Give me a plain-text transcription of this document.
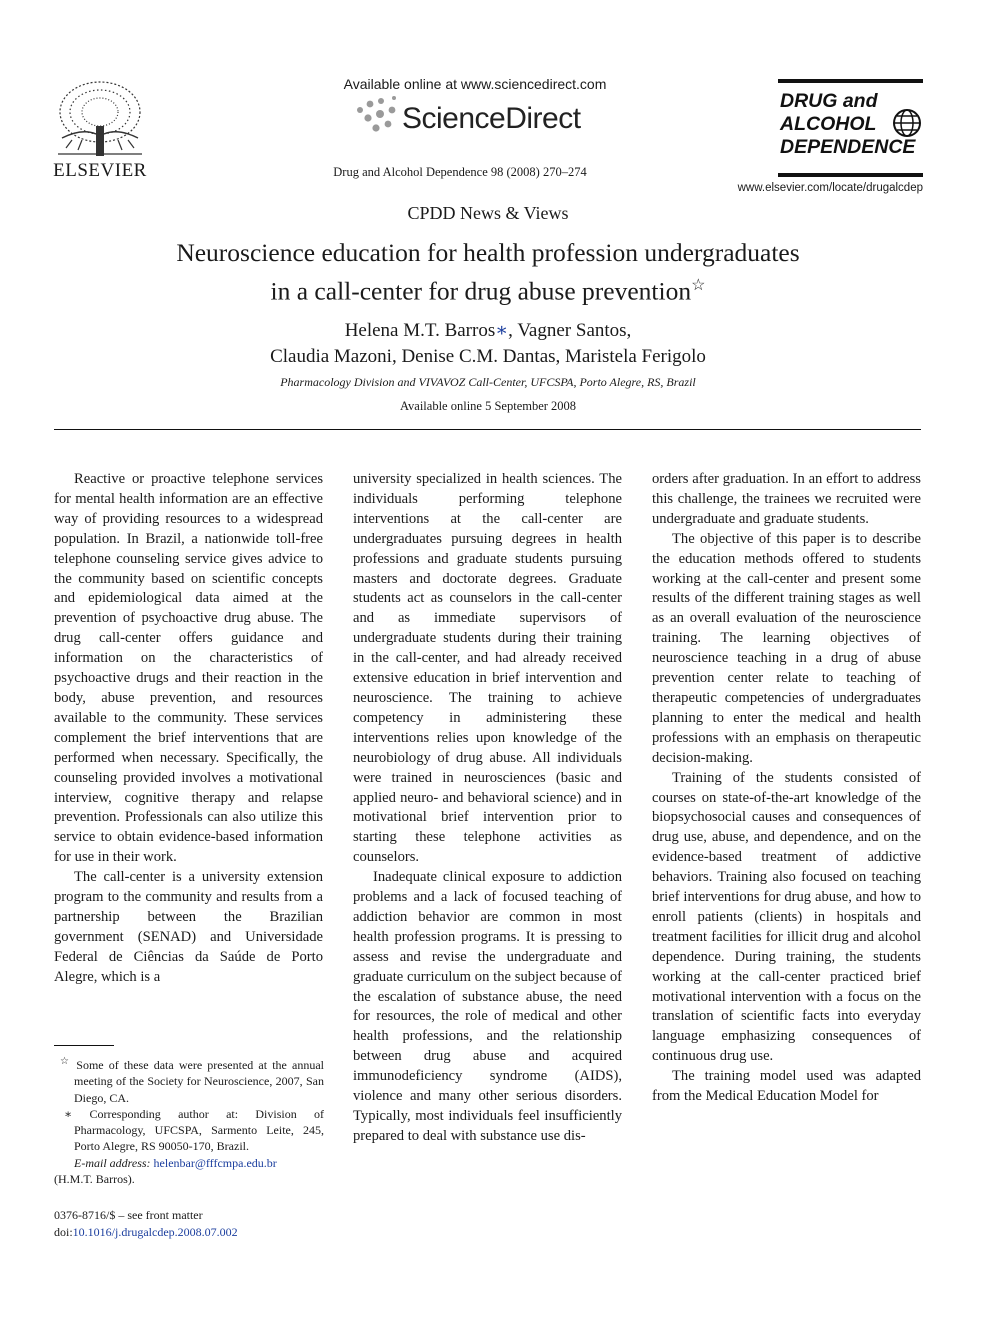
ELSEVIER
Available online at www.sciencedirect.com
ScienceDirect
Drug and Alcohol Dependence 98 (2008) 270–274
DRUG and
ALCOHOL
DEPENDENCE
www.elsevier.com/locate/drugalcdep
CPDD News & Views
Neuroscience education for health profession undergraduates
in a call-center for drug abuse prevention☆
Helena M.T. Barros∗, Vagner Santos,
Claudia Mazoni, Denise C.M. Dantas, Maristela Ferigolo
Pharmacology Division and VIVAVOZ Call-Center, UFCSPA, Porto Alegre, RS, Brazil
Available online 5 September 2008

Reactive or proactive telephone services for mental health information are an effective way of providing resources to a widespread population. In Brazil, a nationwide toll-free telephone counseling service gives advice to the community based on scientific concepts and epidemiological data aimed at the prevention of psychoactive drug abuse. The drug call-center offers guidance and information on the characteristics of psychoactive drugs and their reaction in the body, abuse prevention, and resources available to the community. These services complement the brief interventions that are performed when necessary. Specifically, the counseling provided involves a motivational interview, cognitive therapy and relapse prevention. Professionals can also utilize this service to obtain evidence-based information for use in their work.

The call-center is a university extension program to the community and results from a partnership between the Brazilian government (SENAD) and Universidade Federal de Ciências da Saúde de Porto Alegre, which is a

university specialized in health sciences. The individuals performing telephone interventions at the call-center are undergraduates pursuing degrees in health professions and graduate students pursuing masters and doctorate degrees. Graduate students act as counselors in the call-center and as immediate supervisors of undergraduate students during their training in the call-center, and had already received extensive education in brief intervention and neuroscience. The training to achieve competency in administering these interventions relies upon knowledge of the neurobiology of drug abuse. All individuals were trained in neurosciences (basic and applied neuro- and behavioral science) and in motivational brief intervention prior to starting these telephone activities as counselors.

Inadequate clinical exposure to addiction problems and a lack of focused teaching of addiction behavior are common in most health profession programs. It is pressing to assess and revise the undergraduate and graduate curriculum on the subject because of the escalation of substance abuse, the need for resources, the role of medical and other health professions, and the relationship between drug abuse and acquired immunodeficiency syndrome (AIDS), violence and many other serious disorders. Typically, most individuals feel insufficiently prepared to deal with substance use dis-

orders after graduation. In an effort to address this challenge, the trainees we recruited were undergraduate and graduate students.

The objective of this paper is to describe the education methods offered to students working at the call-center and present some results of the different training stages as well as an overall evaluation of the neuroscience training. The learning objectives of neuroscience teaching in a drug of abuse prevention center relate to teaching of therapeutic competencies of undergraduates planning to enter the medical and health professions with an emphasis on therapeutic decision-making.

Training of the students consisted of courses on state-of-the-art knowledge of the biopsychosocial causes and consequences of drug use, abuse, and dependence, and on the evidence-based treatment of addictive behaviors. Training also focused on teaching brief interventions for drug abuse, and how to enroll patients (clients) in hospitals and treatment facilities for illicit drug and alcohol dependence. During training, the students working at the call-center practiced brief motivational intervention with a focus on the translation of scientific facts into everyday language emphasizing consequences of continuous drug use.

The training model used was adapted from the Medical Education Model for

☆ Some of these data were presented at the annual meeting of the Society for Neuroscience, 2007, San Diego, CA.

∗ Corresponding author at: Division of Pharmacology, UFCSPA, Sarmento Leite, 245, Porto Alegre, RS 90050-170, Brazil.

E-mail address: helenbar@fffcmpa.edu.br

(H.M.T. Barros).

0376-8716/$ – see front matter
doi:10.1016/j.drugalcdep.2008.07.002
